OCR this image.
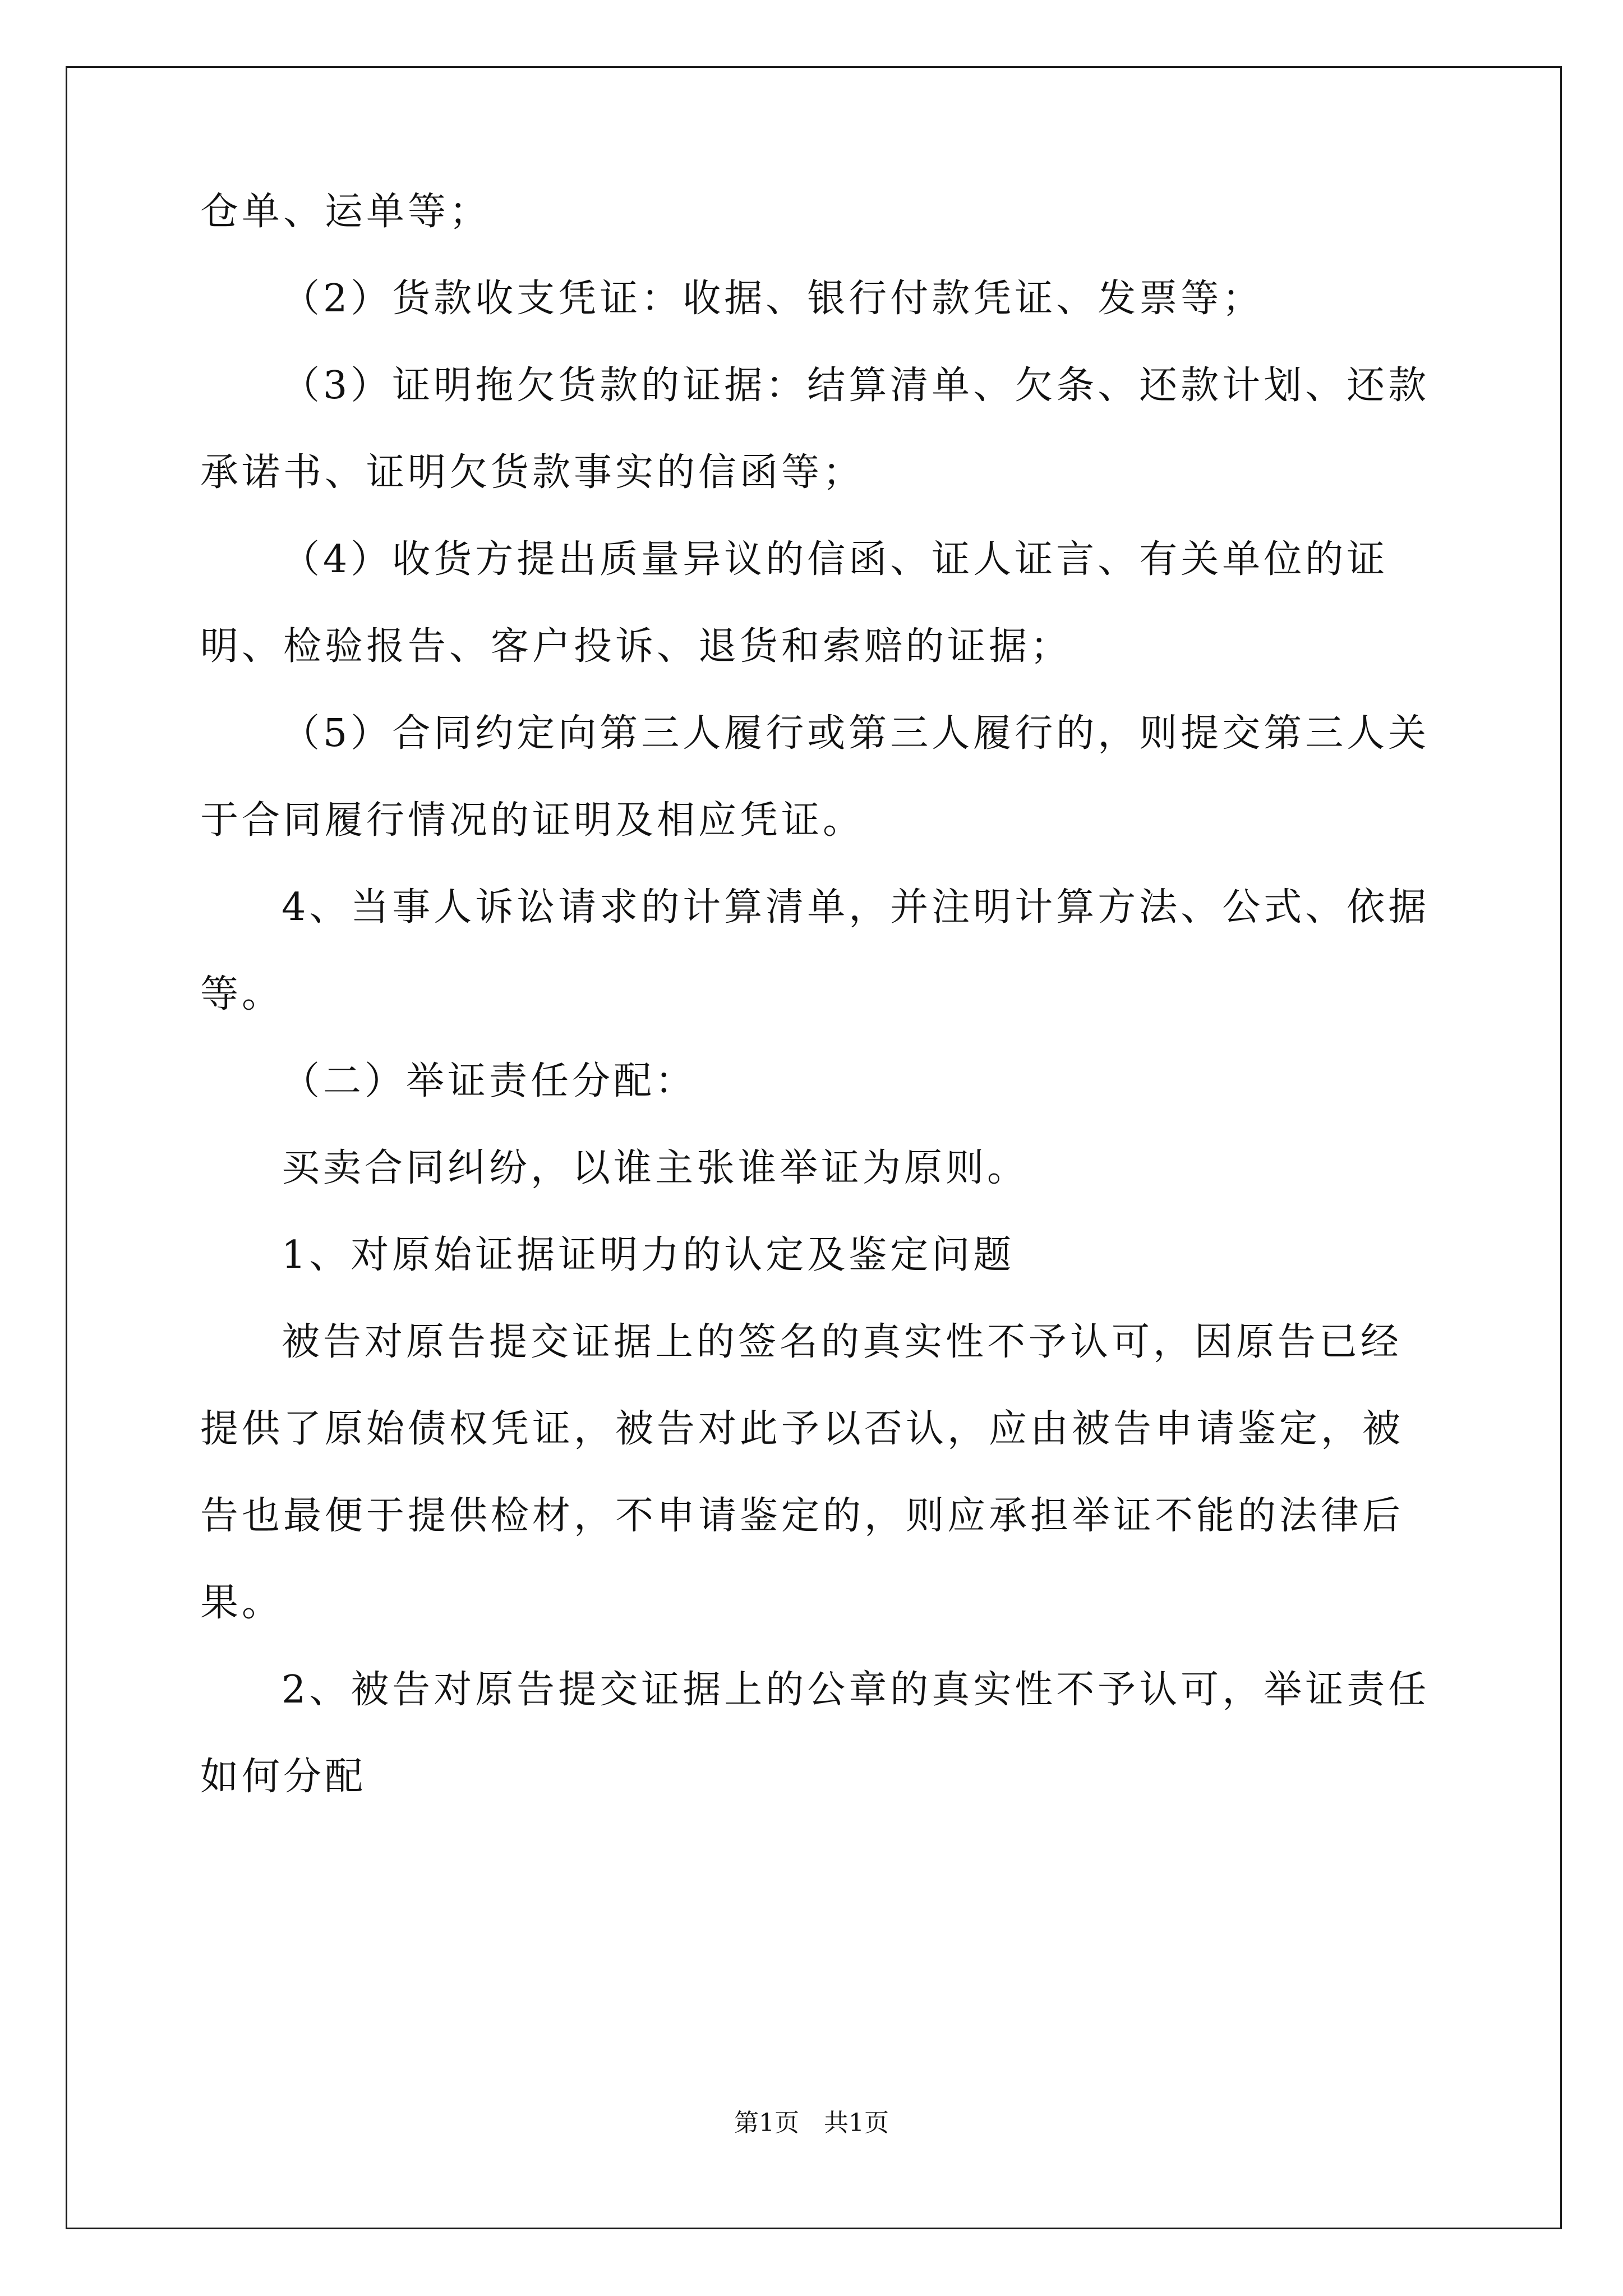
仓单、运单等；

（2）货款收支凭证：收据、银行付款凭证、发票等；

（3）证明拖欠货款的证据：结算清单、欠条、还款计划、还款承诺书、证明欠货款事实的信函等；

（4）收货方提出质量异议的信函、证人证言、有关单位的证明、检验报告、客户投诉、退货和索赔的证据；

（5）合同约定向第三人履行或第三人履行的，则提交第三人关于合同履行情况的证明及相应凭证。

4、当事人诉讼请求的计算清单，并注明计算方法、公式、依据等。

（二）举证责任分配：

买卖合同纠纷，以谁主张谁举证为原则。

1、对原始证据证明力的认定及鉴定问题

被告对原告提交证据上的签名的真实性不予认可，因原告已经提供了原始债权凭证，被告对此予以否认，应由被告申请鉴定，被告也最便于提供检材，不申请鉴定的，则应承担举证不能的法律后果。

2、被告对原告提交证据上的公章的真实性不予认可，举证责任如何分配

第1页　共1页
